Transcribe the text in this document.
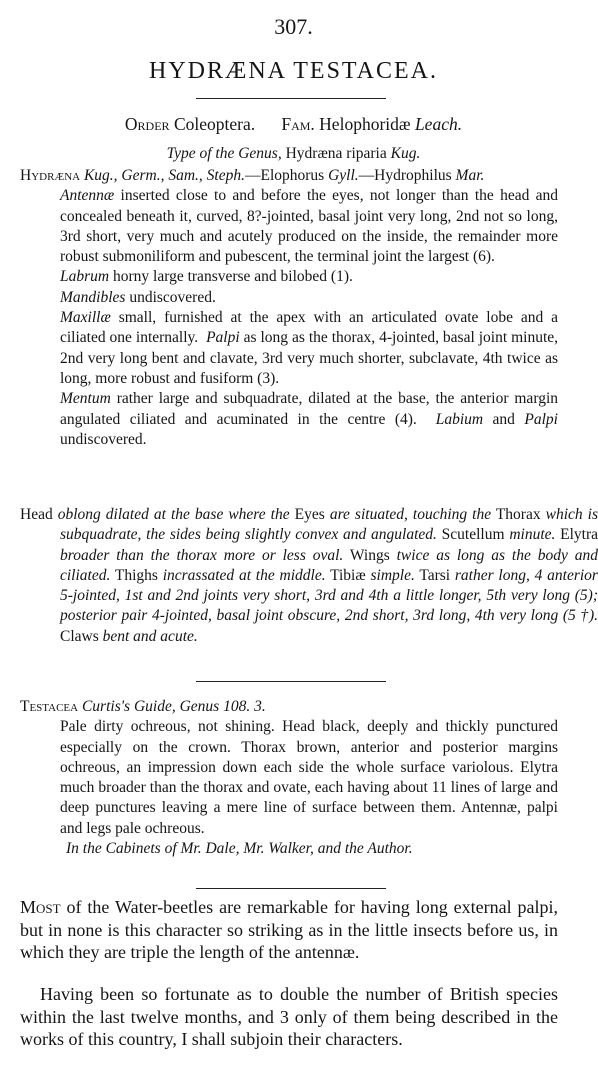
307.
HYDRÆNA TESTACEA.
Order Coleoptera. Fam. Helophoridæ Leach.
Type of the Genus, Hydræna riparia Kug.
Hydræna Kug., Germ., Sam., Steph.—Elophorus Gyll.—Hydrophilus Mar.
Antennæ inserted close to and before the eyes, not longer than the head and concealed beneath it, curved, 8?-jointed, basal joint very long, 2nd not so long, 3rd short, very much and acutely produced on the inside, the remainder more robust submoniliform and pubescent, the terminal joint the largest (6).
Labrum horny large transverse and bilobed (1).
Mandibles undiscovered.
Maxillæ small, furnished at the apex with an articulated ovate lobe and a ciliated one internally. Palpi as long as the thorax, 4-jointed, basal joint minute, 2nd very long bent and clavate, 3rd very much shorter, subclavate, 4th twice as long, more robust and fusiform (3).
Mentum rather large and subquadrate, dilated at the base, the anterior margin angulated ciliated and acuminated in the centre (4). Labium and Palpi undiscovered.
Head oblong dilated at the base where the Eyes are situated, touching the Thorax which is subquadrate, the sides being slightly convex and angulated. Scutellum minute. Elytra broader than the thorax more or less oval. Wings twice as long as the body and ciliated. Thighs incrassated at the middle. Tibiæ simple. Tarsi rather long, 4 anterior 5-jointed, 1st and 2nd joints very short, 3rd and 4th a little longer, 5th very long (5); posterior pair 4-jointed, basal joint obscure, 2nd short, 3rd long, 4th very long (5 †). Claws bent and acute.
Testacea Curtis's Guide, Genus 108. 3.
Pale dirty ochreous, not shining. Head black, deeply and thickly punctured especially on the crown. Thorax brown, anterior and posterior margins ochreous, an impression down each side the whole surface variolous. Elytra much broader than the thorax and ovate, each having about 11 lines of large and deep punctures leaving a mere line of surface between them. Antennæ, palpi and legs pale ochreous.
In the Cabinets of Mr. Dale, Mr. Walker, and the Author.
Most of the Water-beetles are remarkable for having long external palpi, but in none is this character so striking as in the little insects before us, in which they are triple the length of the antennæ.
Having been so fortunate as to double the number of British species within the last twelve months, and 3 only of them being described in the works of this country, I shall subjoin their characters.
